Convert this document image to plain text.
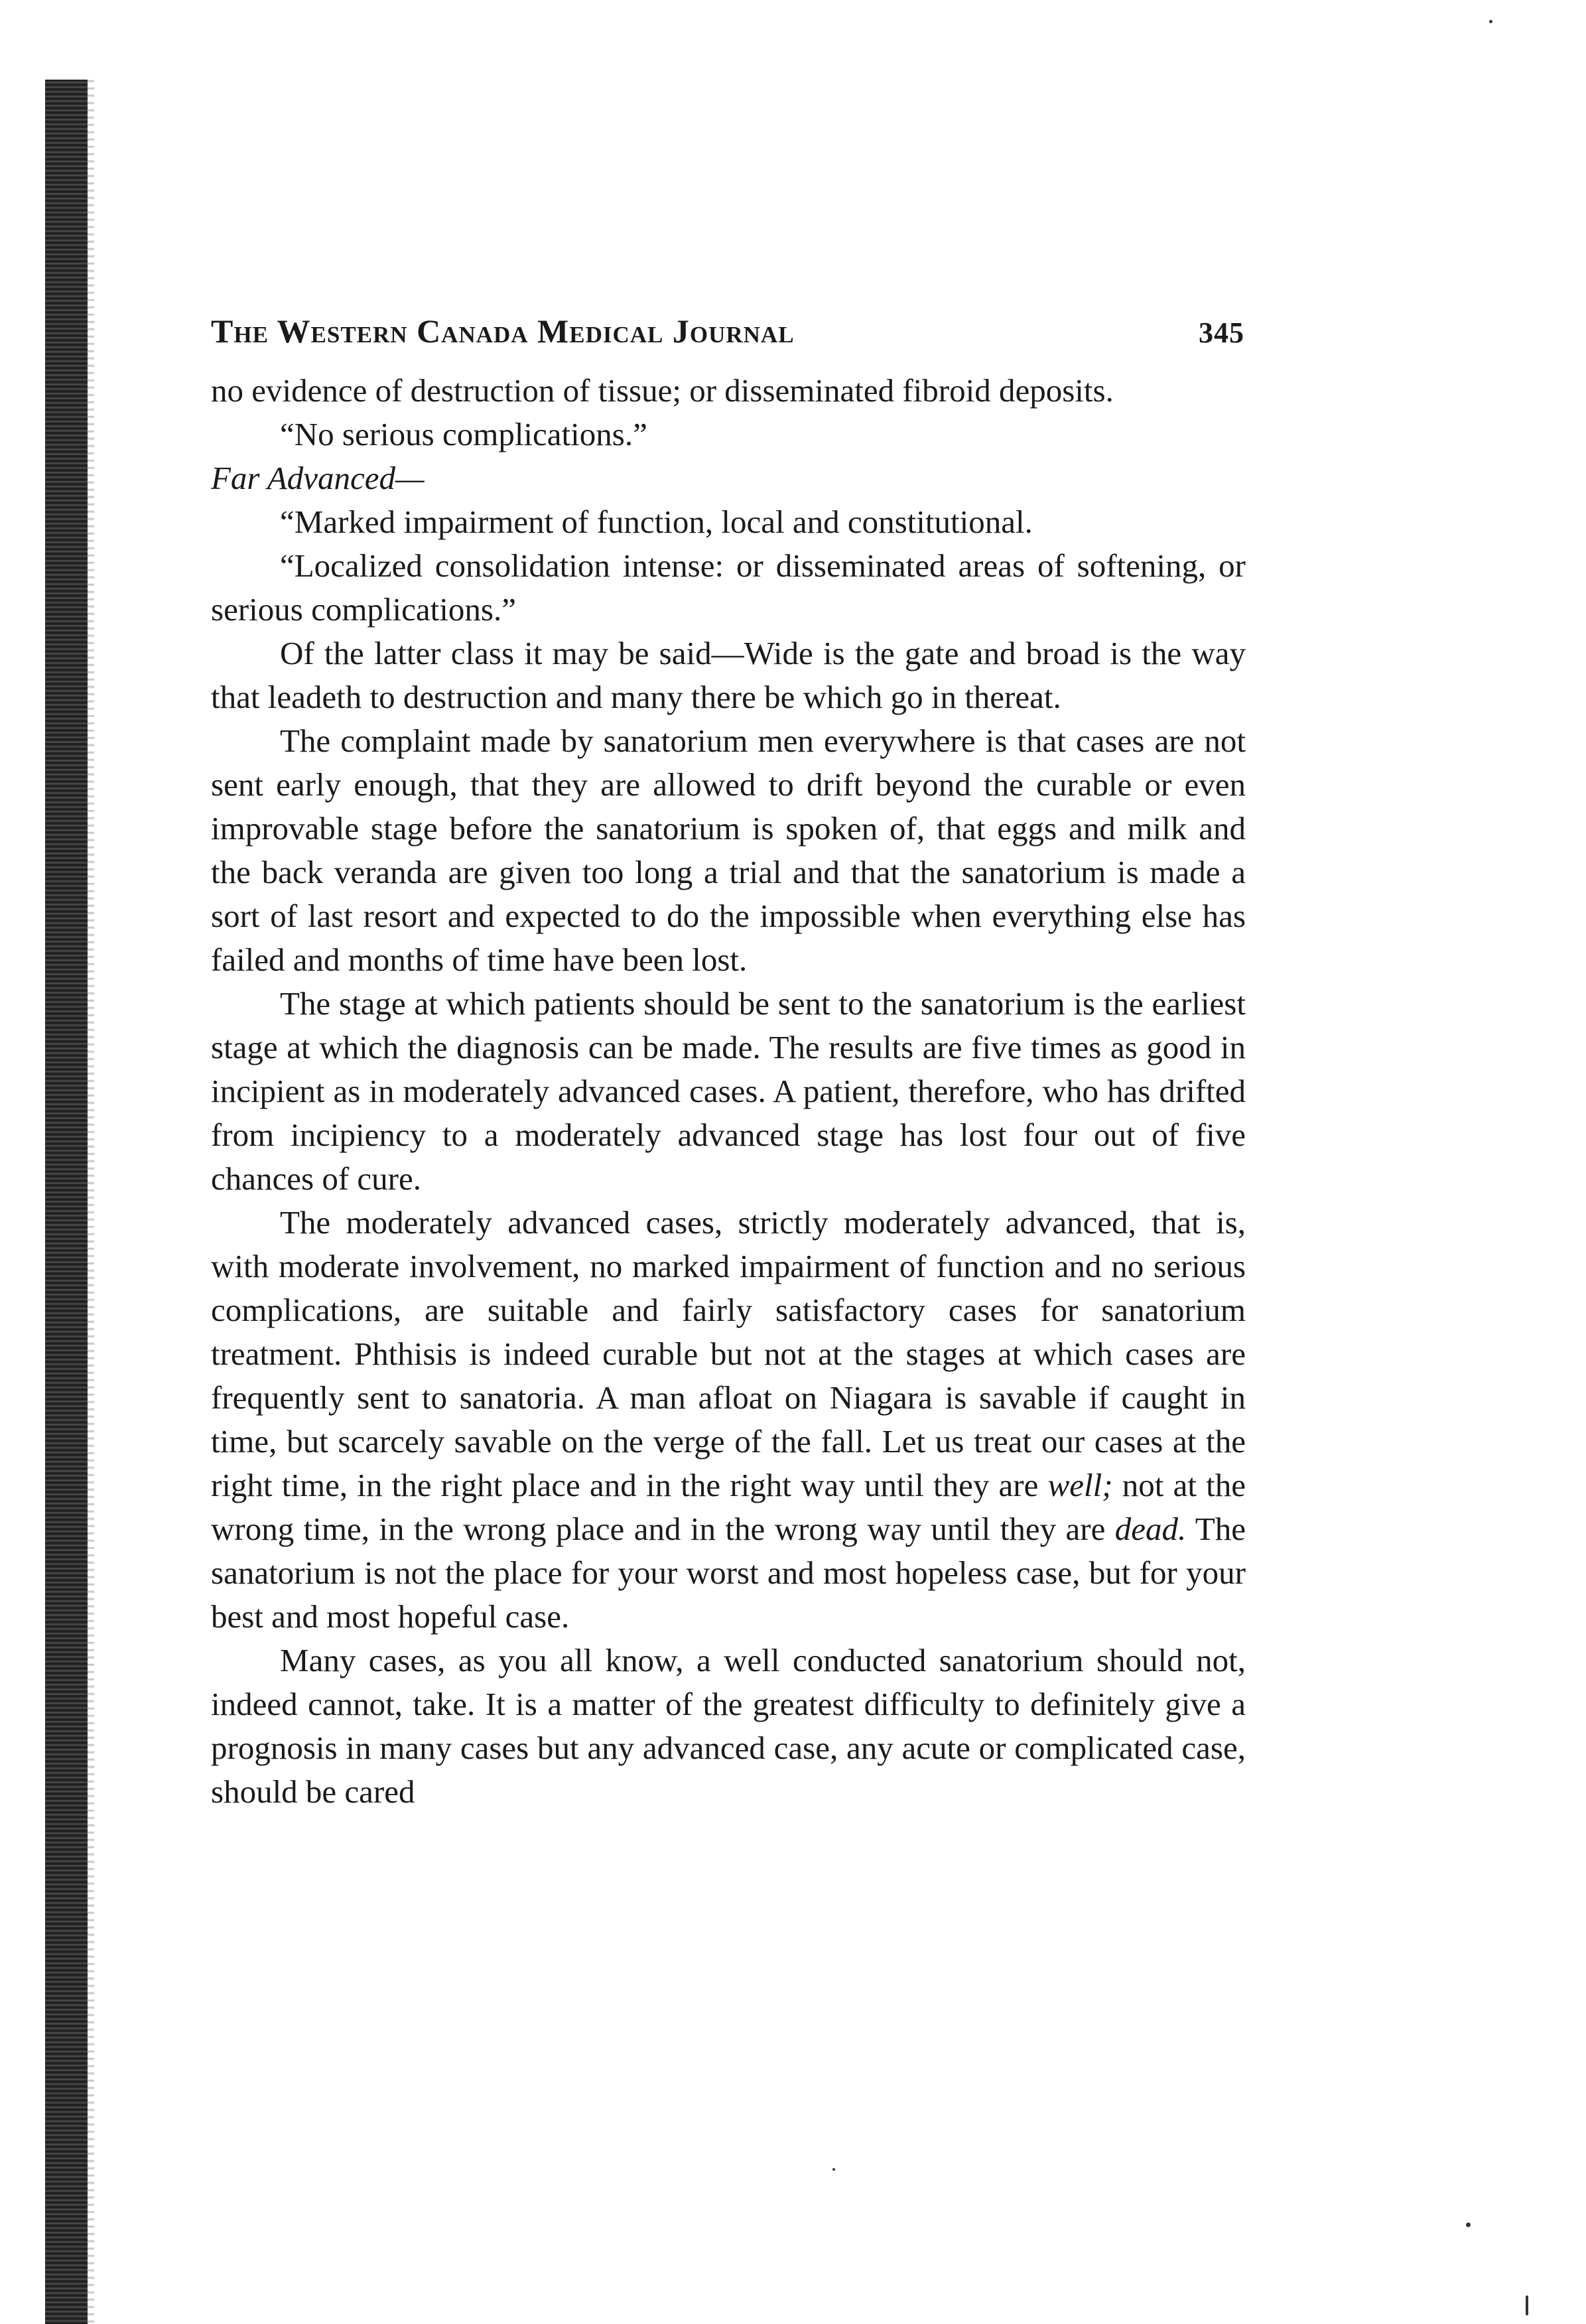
The Western Canada Medical Journal	345

no evidence of destruction of tissue; or disseminated fibroid deposits.

“No serious complications.”

Far Advanced—

“Marked impairment of function, local and constitutional.

“Localized consolidation intense: or disseminated areas of softening, or serious complications.”

Of the latter class it may be said—Wide is the gate and broad is the way that leadeth to destruction and many there be which go in thereat.

The complaint made by sanatorium men everywhere is that cases are not sent early enough, that they are allowed to drift beyond the curable or even improvable stage before the sanatorium is spoken of, that eggs and milk and the back veranda are given too long a trial and that the sanatorium is made a sort of last resort and expected to do the impossible when everything else has failed and months of time have been lost.

The stage at which patients should be sent to the sanatorium is the earliest stage at which the diagnosis can be made. The results are five times as good in incipient as in moderately advanced cases. A patient, therefore, who has drifted from incipiency to a moderately advanced stage has lost four out of five chances of cure.

The moderately advanced cases, strictly moderately advanced, that is, with moderate involvement, no marked impairment of function and no serious complications, are suitable and fairly satisfactory cases for sanatorium treatment. Phthisis is indeed curable but not at the stages at which cases are frequently sent to sanatoria. A man afloat on Niagara is savable if caught in time, but scarcely savable on the verge of the fall. Let us treat our cases at the right time, in the right place and in the right way until they are well; not at the wrong time, in the wrong place and in the wrong way until they are dead. The sanatorium is not the place for your worst and most hopeless case, but for your best and most hopeful case.

Many cases, as you all know, a well conducted sanatorium should not, indeed cannot, take. It is a matter of the greatest difficulty to definitely give a prognosis in many cases but any advanced case, any acute or complicated case, should be cared
